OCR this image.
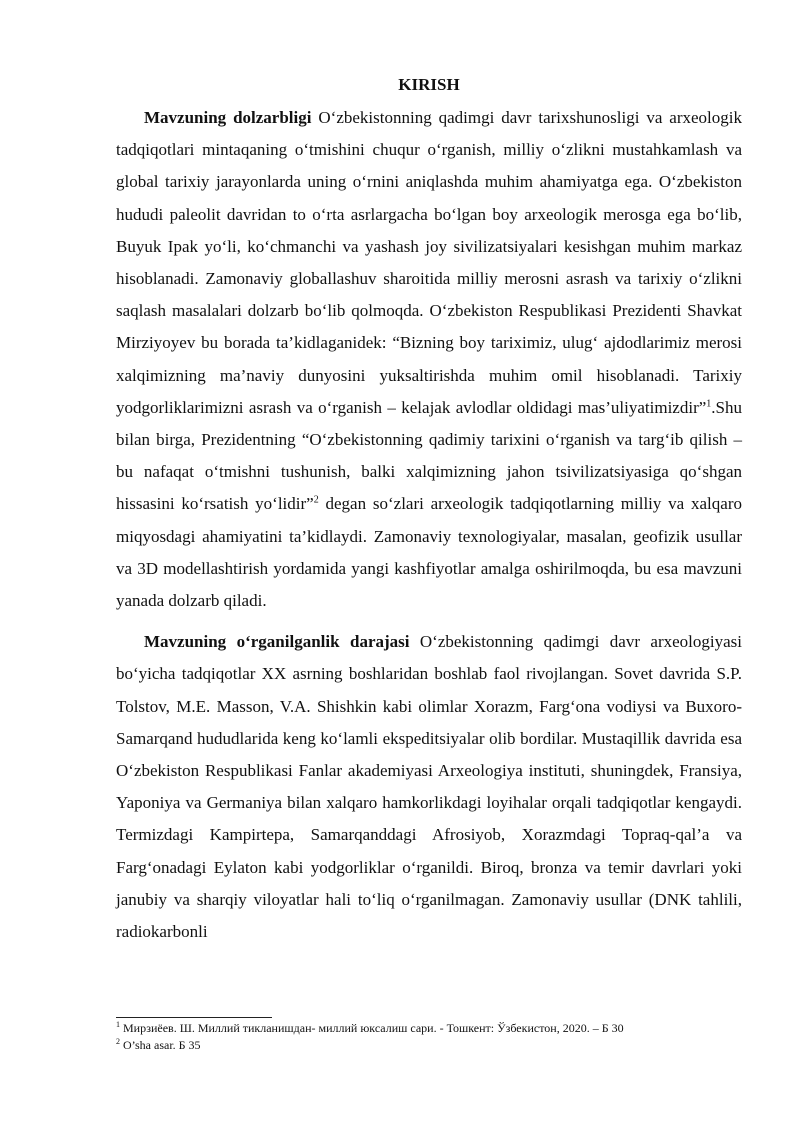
KIRISH

Mavzuning dolzarbligi O‘zbekistonning qadimgi davr tarixshunosligi va arxeologik tadqiqotlari mintaqaning o‘tmishini chuqur o‘rganish, milliy o‘zlikni mustahkamlash va global tarixiy jarayonlarda uning o‘rnini aniqlashda muhim ahamiyatga ega. O‘zbekiston hududi paleolit davridan to o‘rta asrlargacha bo‘lgan boy arxeologik merosga ega bo‘lib, Buyuk Ipak yo‘li, ko‘chmanchi va yashash joy sivilizatsiyalari kesishgan muhim markaz hisoblanadi. Zamonaviy globallashuv sharoitida milliy merosni asrash va tarixiy o‘zlikni saqlash masalalari dolzarb bo‘lib qolmoqda. O‘zbekiston Respublikasi Prezidenti Shavkat Mirziyoyev bu borada ta’kidlaganidek: “Bizning boy tariximiz, ulug‘ ajdodlarimiz merosi xalqimizning ma’naviy dunyosini yuksaltirishda muhim omil hisoblanadi. Tarixiy yodgorliklarimizni asrash va o‘rganish – kelajak avlodlar oldidagi mas’uliyatimizdir”$^1$.Shu bilan birga, Prezidentning “O‘zbekistonning qadimiy tarixini o‘rganish va targ‘ib qilish – bu nafaqat o‘tmishni tushunish, balki xalqimizning jahon tsivilizatsiyasiga qo‘shgan hissasini ko‘rsatish yo‘lidir”$^2$ degan so‘zlari arxeologik tadqiqotlarning milliy va xalqaro miqyosdagi ahamiyatini ta’kidlaydi. Zamonaviy texnologiyalar, masalan, geofizik usullar va 3D modellashtirish yordamida yangi kashfiyotlar amalga oshirilmoqda, bu esa mavzuni yanada dolzarb qiladi.

Mavzuning o‘rganilganlik darajasi O‘zbekistonning qadimgi davr arxeologiyasi bo‘yicha tadqiqotlar XX asrning boshlaridan boshlab faol rivojlangan. Sovet davrida S.P. Tolstov, M.E. Masson, V.A. Shishkin kabi olimlar Xorazm, Farg‘ona vodiysi va Buxoro-Samarqand hududlarida keng ko‘lamli ekspeditsiyalar olib bordilar. Mustaqillik davrida esa O‘zbekiston Respublikasi Fanlar akademiyasi Arxeologiya instituti, shuningdek, Fransiya, Yaponiya va Germaniya bilan xalqaro hamkorlikdagi loyihalar orqali tadqiqotlar kengaydi. Termizdagi Kampirtepa, Samarqanddagi Afrosiyob, Xorazmdagi Topraq-qal’a va Farg‘onadagi Eylaton kabi yodgorliklar o‘rganildi. Biroq, bronza va temir davrlari yoki janubiy va sharqiy viloyatlar hali to‘liq o‘rganilmagan. Zamonaviy usullar (DNK tahlili, radiokarbonli

$^1$ Мирзиёев. Ш. Миллий тикланишдан- миллий юксалиш сари. - Тошкент: Ўзбекистон, 2020. – Б 30
$^2$ O’sha asar. Б 35
